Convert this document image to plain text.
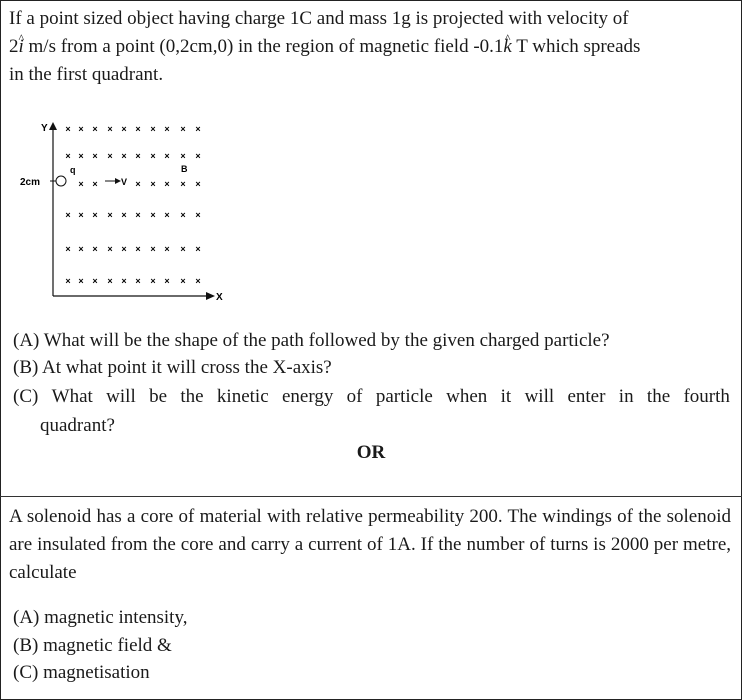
If a point sized object having charge 1C and mass 1g is projected with velocity of
2i ^ m/s from a point (0,2cm,0) in the region of magnetic field -0.1k ^ T which spreads
in the first quadrant.
Y
X
2cm
q
V
B
× × × × × × × × × ×
× × × × × × × × × ×
× ×	× × × × ×
× × × × × × × × × ×
× × × × × × × × × ×
× × × × × × × × × ×
(A) What will be the shape of the path followed by the given charged particle?
(B) At what point it will cross the X-axis?
(C) What will be the kinetic energy of particle when it will enter in the fourth
quadrant?
OR
A solenoid has a core of material with relative permeability 200. The windings of the solenoid are insulated from the core and carry a current of 1A. If the number of turns is 2000 per metre, calculate
(A) magnetic intensity,
(B) magnetic field &
(C) magnetisation
